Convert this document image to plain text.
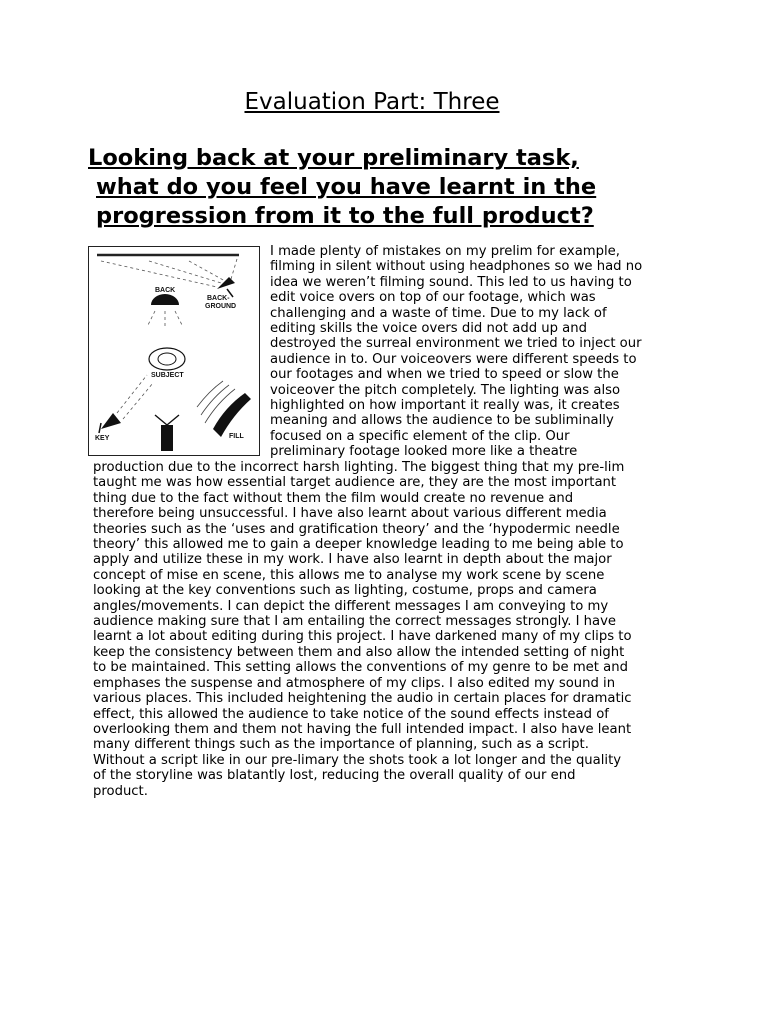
Evaluation Part: Three
Looking back at your preliminary task,
what do you feel you have learnt in the
progression from it to the full product?
BACK
BACK-
GROUND
SUBJECT
KEY	FILL
I made plenty of mistakes on my prelim for example,
filming in silent without using headphones so we had no
idea we weren’t filming sound. This led to us having to
edit voice overs on top of our footage, which was
challenging and a waste of time. Due to my lack of
editing skills the voice overs did not add up and
destroyed the surreal environment we tried to inject our
audience in to. Our voiceovers were different speeds to
our footages and when we tried to speed or slow the
voiceover the pitch completely. The lighting was also
highlighted on how important it really was, it creates
meaning and allows the audience to be subliminally
focused on a specific element of the clip. Our
preliminary footage looked more like a theatre
production due to the incorrect harsh lighting. The biggest thing that my pre-lim
taught me was how essential target audience are, they are the most important
thing due to the fact without them the film would create no revenue and
therefore being unsuccessful. I have also learnt about various different media
theories such as the ‘uses and gratification theory’ and the ‘hypodermic needle
theory’ this allowed me to gain a deeper knowledge leading to me being able to
apply and utilize these in my work. I have also learnt in depth about the major
concept of mise en scene, this allows me to analyse my work scene by scene
looking at the key conventions such as lighting, costume, props and camera
angles/movements. I can depict the different messages I am conveying to my
audience making sure that I am entailing the correct messages strongly. I have
learnt a lot about editing during this project. I have darkened many of my clips to
keep the consistency between them and also allow the intended setting of night
to be maintained. This setting allows the conventions of my genre to be met and
emphases the suspense and atmosphere of my clips. I also edited my sound in
various places. This included heightening the audio in certain places for dramatic
effect, this allowed the audience to take notice of the sound effects instead of
overlooking them and them not having the full intended impact. I also have leant
many different things such as the importance of planning, such as a script.
Without a script like in our pre-limary the shots took a lot longer and the quality
of the storyline was blatantly lost, reducing the overall quality of our end
product.
